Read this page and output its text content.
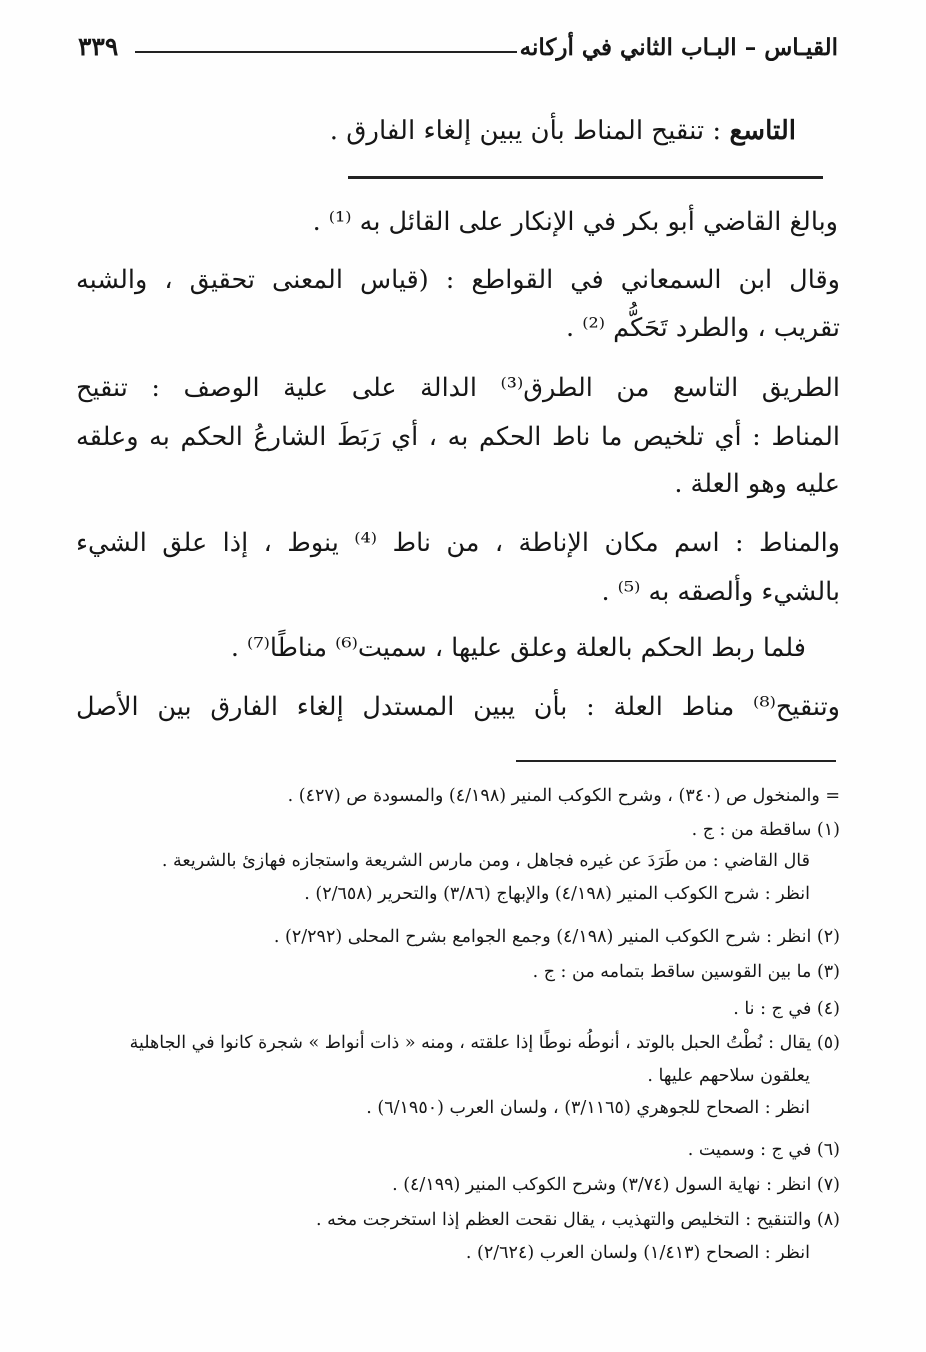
القيـاس – البـاب الثاني في أركانه
٣٣٩
التاسع : تنقيح المناط بأن يبين إلغاء الفارق .
وبالغ القاضي أبو بكر في الإنكار على القائل به ⁽¹⁾ .
وقال ابن السمعاني في القواطع : (قياس المعنى تحقيق ، والشبه
تقريب ، والطرد تَحَكُّم ⁽²⁾ .
الطريق التاسع من الطرق⁽³⁾ الدالة على علية الوصف : تنقيح
المناط : أي تلخيص ما ناط الحكم به ، أي رَبَطَ الشارعُ الحكم به وعلقه
عليه وهو العلة .
والمناط : اسم مكان الإناطة ، من ناط ⁽⁴⁾ ينوط ، إذا علق الشيء
بالشيء وألصقه به ⁽⁵⁾ .
فلما ربط الحكم بالعلة وعلق عليها ، سميت⁽⁶⁾ مناطًا⁽⁷⁾ .
وتنقيح⁽⁸⁾ مناط العلة : بأن يبين المستدل إلغاء الفارق بين الأصل
= والمنخول ص (٣٤٠) ، وشرح الكوكب المنير (٤/١٩٨) والمسودة ص (٤٢٧) .
(١) ساقطة من : ج .
قال القاضي : من طَرَدَ عن غيره فجاهل ، ومن مارس الشريعة واستجازه فهازئ بالشريعة .
انظر : شرح الكوكب المنير (٤/١٩٨) والإبهاج (٣/٨٦) والتحرير (٢/٦٥٨) .
(٢) انظر : شرح الكوكب المنير (٤/١٩٨) وجمع الجوامع بشرح المحلى (٢/٢٩٢) .
(٣) ما بين القوسين ساقط بتمامه من : ج .
(٤) في ج : نا .
(٥) يقال : نُطْتُ الحبل بالوتد ، أنوطُه نوطًا إذا علقته ، ومنه « ذات أنواط » شجرة كانوا في الجاهلية
يعلقون سلاحهم عليها .
انظر : الصحاح للجوهري (٣/١١٦٥) ، ولسان العرب (٦/١٩٥٠) .
(٦) في ج : وسميت .
(٧) انظر : نهاية السول (٣/٧٤) وشرح الكوكب المنير (٤/١٩٩) .
(٨) والتنقيح : التخليص والتهذيب ، يقال نقحت العظم إذا استخرجت مخه .
انظر : الصحاح (١/٤١٣) ولسان العرب (٢/٦٢٤) .
